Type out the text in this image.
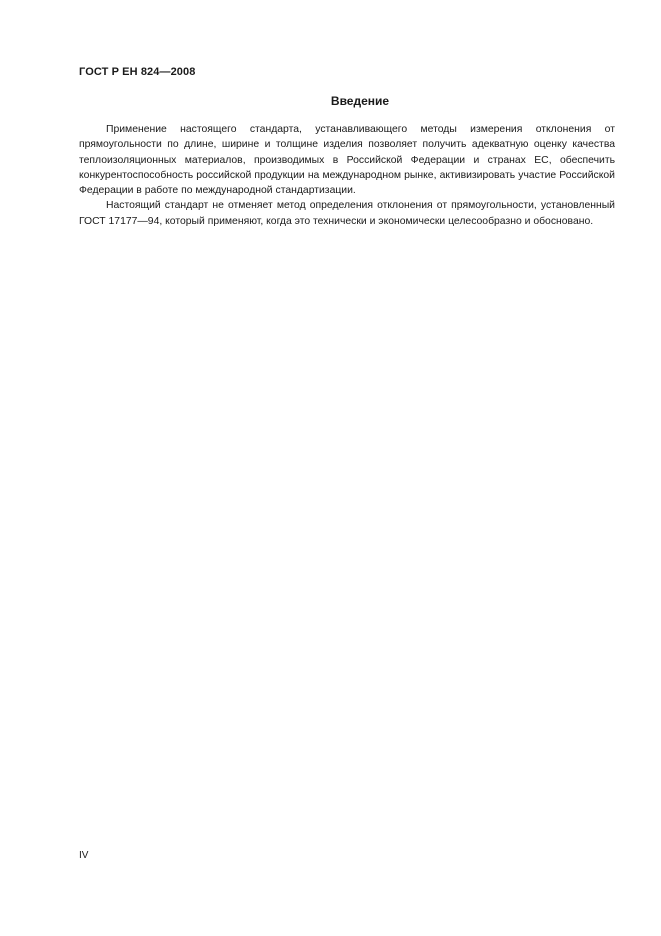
ГОСТ Р ЕН 824—2008
Введение

Применение настоящего стандарта, устанавливающего методы измерения отклонения от прямоугольности по длине, ширине и толщине изделия позволяет получить адекватную оценку качества теплоизоляционных материалов, производимых в Российской Федерации и странах ЕС, обеспечить конкурентоспособность российской продукции на международном рынке, активизировать участие Российской Федерации в работе по международной стандартизации.

Настоящий стандарт не отменяет метод определения отклонения от прямоугольности, установленный ГОСТ 17177—94, который применяют, когда это технически и экономически целесообразно и обосновано.

IV
